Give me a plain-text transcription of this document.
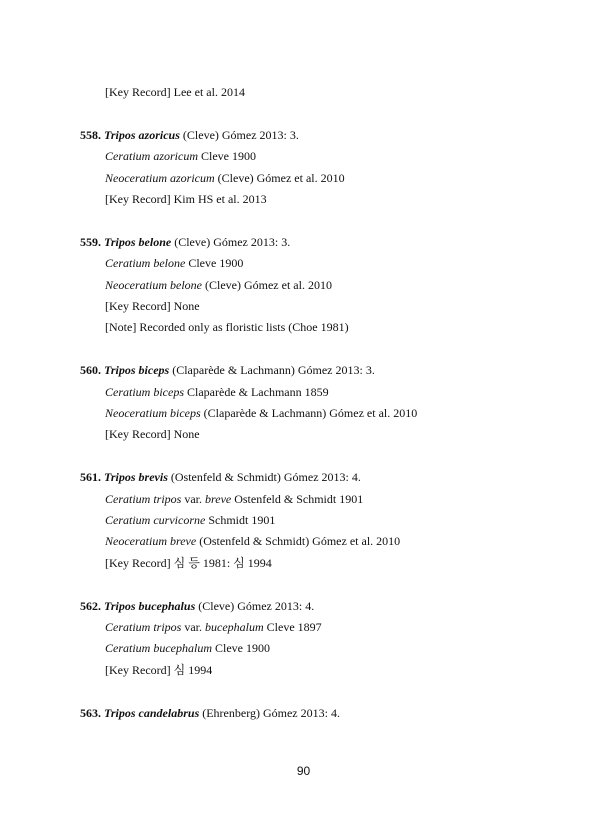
[Key Record] Lee et al. 2014
558. Tripos azoricus (Cleve) Gómez 2013: 3.
Ceratium azoricum Cleve 1900
Neoceratium azoricum (Cleve) Gómez et al. 2010
[Key Record] Kim HS et al. 2013
559. Tripos belone (Cleve) Gómez 2013: 3.
Ceratium belone Cleve 1900
Neoceratium belone (Cleve) Gómez et al. 2010
[Key Record] None
[Note] Recorded only as floristic lists (Choe 1981)
560. Tripos biceps (Claparède & Lachmann) Gómez 2013: 3.
Ceratium biceps Claparède & Lachmann 1859
Neoceratium biceps (Claparède & Lachmann) Gómez et al. 2010
[Key Record] None
561. Tripos brevis (Ostenfeld & Schmidt) Gómez 2013: 4.
Ceratium tripos var. breve Ostenfeld & Schmidt 1901
Ceratium curvicorne Schmidt 1901
Neoceratium breve (Ostenfeld & Schmidt) Gómez et al. 2010
[Key Record] 심 등 1981: 심 1994
562. Tripos bucephalus (Cleve) Gómez 2013: 4.
Ceratium tripos var. bucephalum Cleve 1897
Ceratium bucephalum Cleve 1900
[Key Record] 심 1994
563. Tripos candelabrus (Ehrenberg) Gómez 2013: 4.
90
